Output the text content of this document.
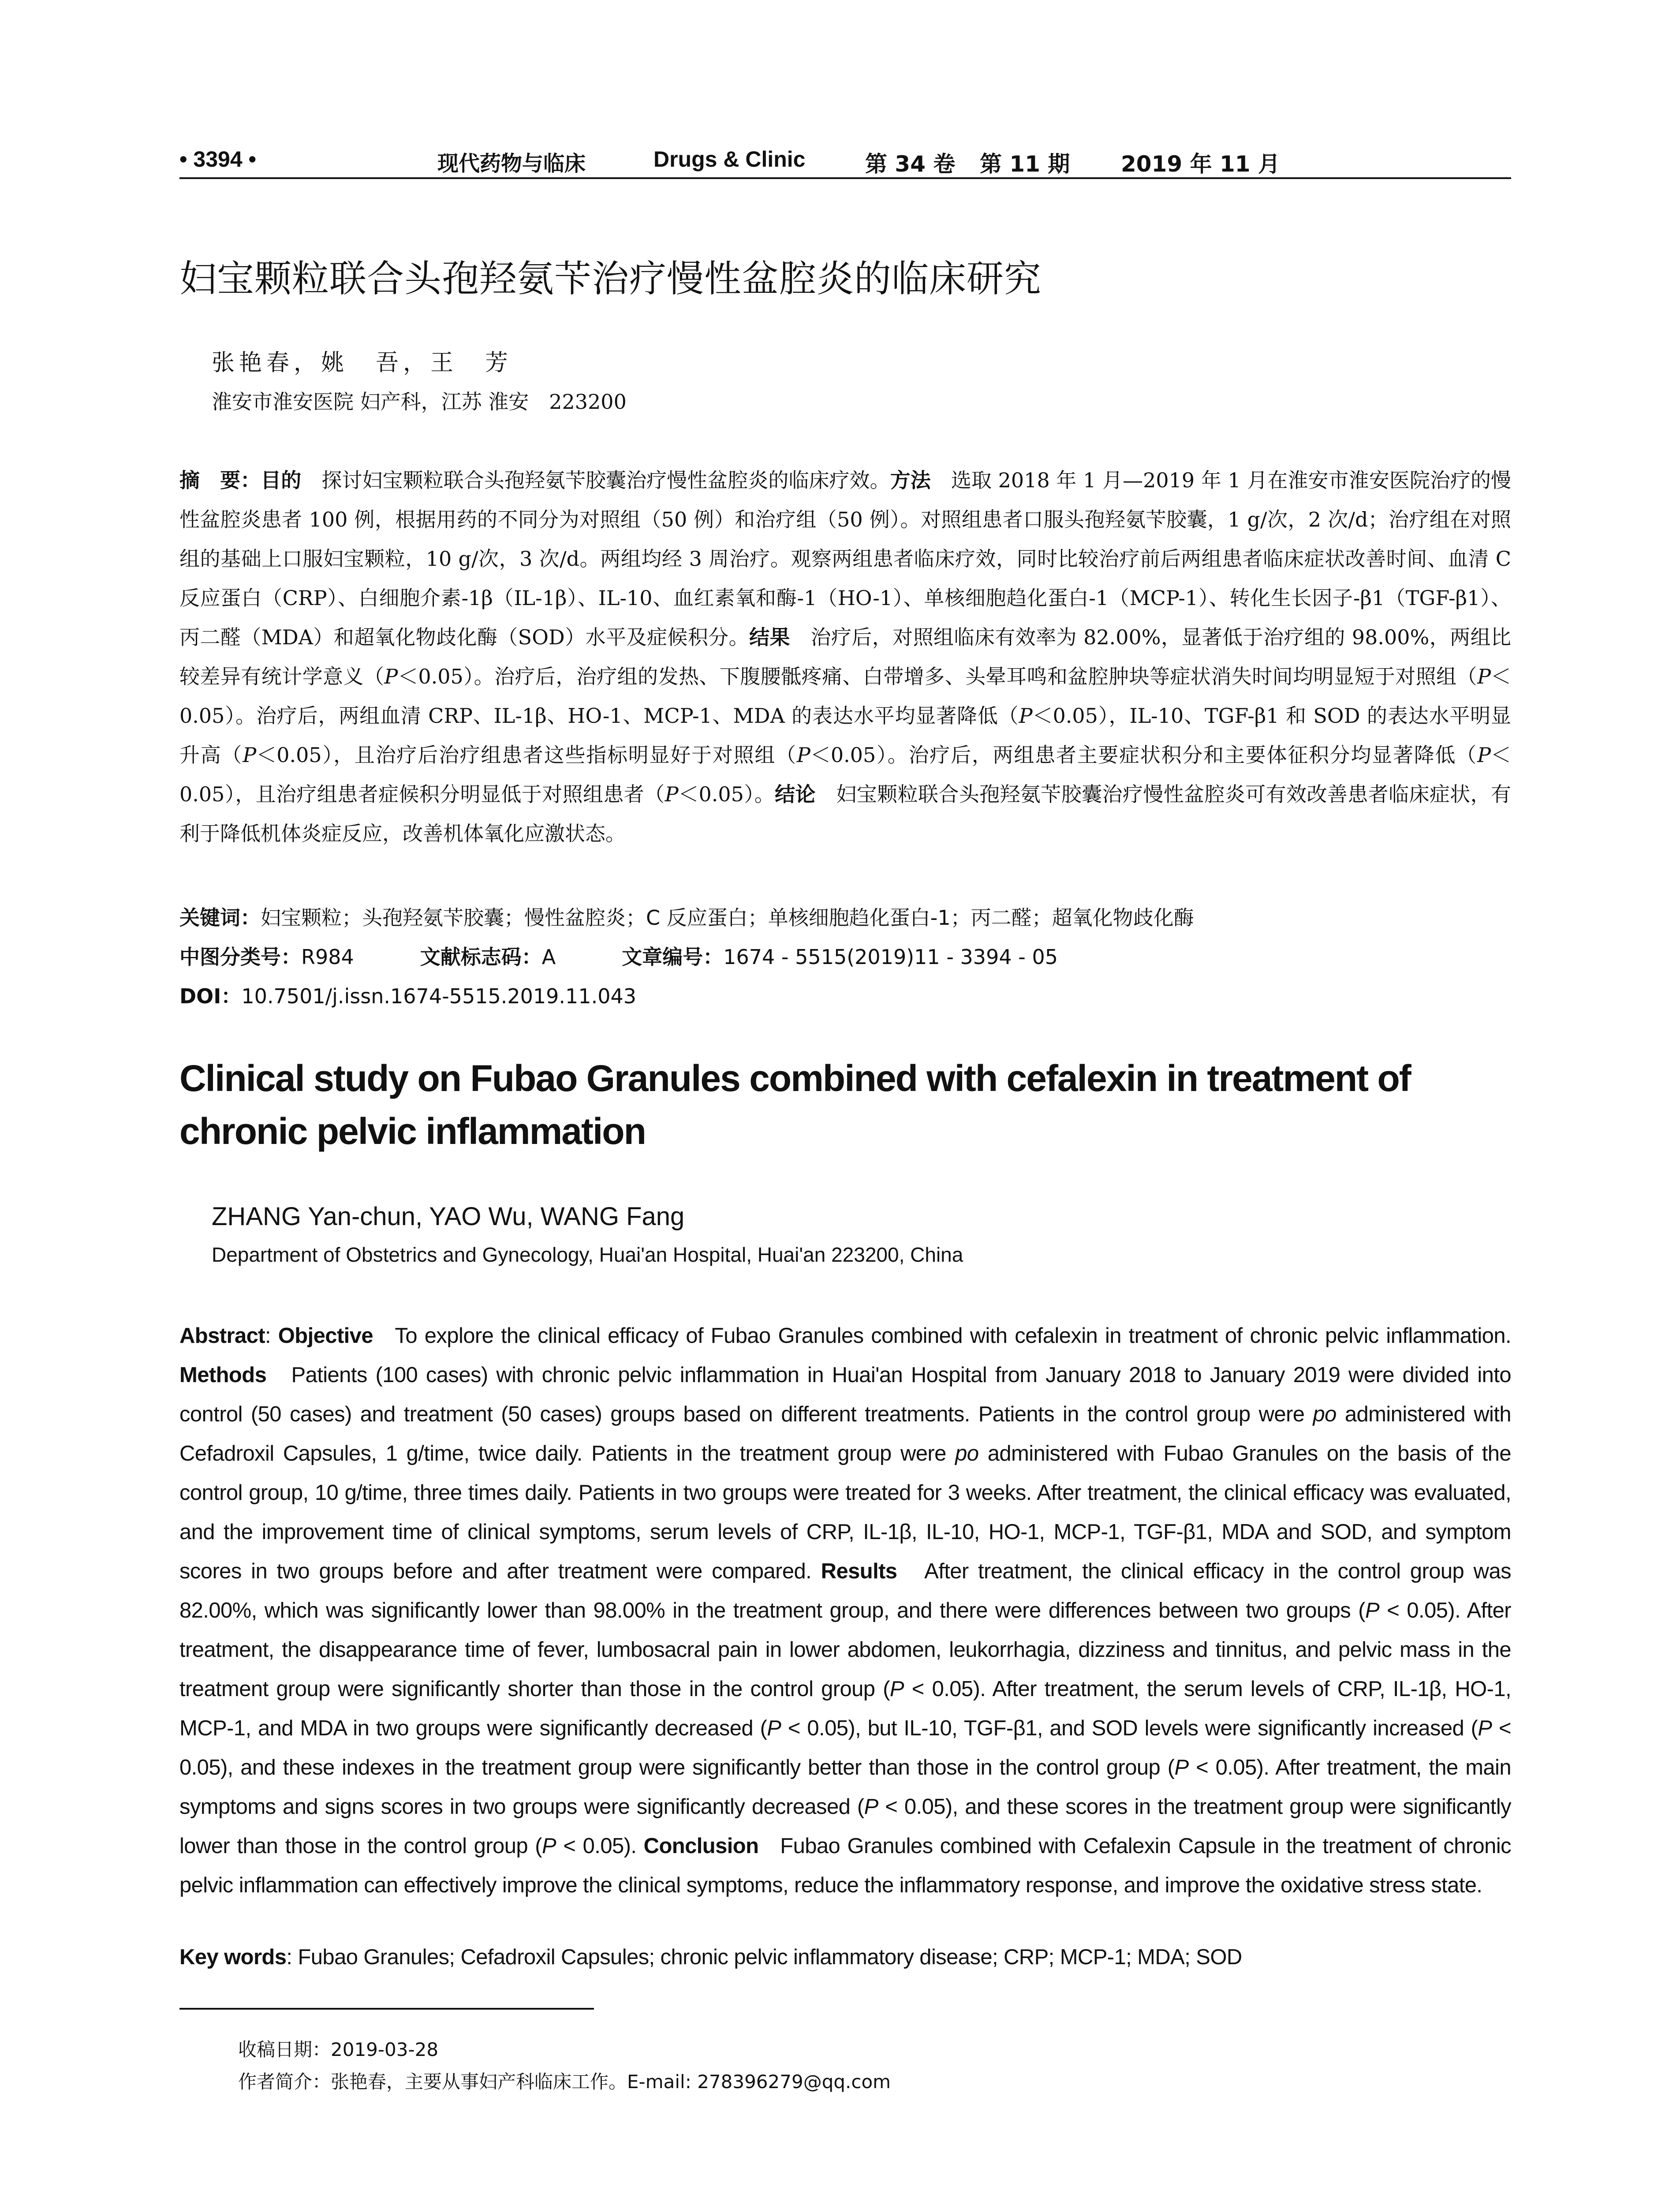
• 3394 •	现代药物与临床	Drugs & Clinic	第 34 卷 第 11 期 2019 年 11 月
妇宝颗粒联合头孢羟氨苄治疗慢性盆腔炎的临床研究
张艳春，姚　吾，王　芳
淮安市淮安医院 妇产科，江苏 淮安　223200
摘　要：目的　 探讨妇宝颗粒联合头孢羟氨苄胶囊治疗慢性盆腔炎的临床疗效。方法　 选取 2018 年 1 月—2019 年 1 月在淮安市淮安医院治疗的慢性盆腔炎患者 100 例，根据用药的不同分为对照组（50 例）和治疗组（50 例）。对照组患者口服头孢羟氨苄胶囊，1 g/次，2 次/d；治疗组在对照组的基础上口服妇宝颗粒，10 g/次，3 次/d。两组均经 3 周治疗。观察两组患者临床疗效，同时比较治疗前后两组患者临床症状改善时间、血清 C 反应蛋白（CRP）、白细胞介素-1β（IL-1β）、IL-10、血红素氧和酶-1（HO-1）、单核细胞趋化蛋白-1（MCP-1）、转化生长因子-β1（TGF-β1）、丙二醛（MDA）和超氧化物歧化酶（SOD）水平及症候积分。结果　 治疗后，对照组临床有效率为 82.00%，显著低于治疗组的 98.00%，两组比较差异有统计学意义（P＜0.05）。治疗后，治疗组的发热、下腹腰骶疼痛、白带增多、头晕耳鸣和盆腔肿块等症状消失时间均明显短于对照组（P＜0.05）。治疗后，两组血清 CRP、IL-1β、HO-1、MCP-1、MDA 的表达水平均显著降低（P＜0.05），IL-10、TGF-β1 和 SOD 的表达水平明显升高（P＜0.05），且治疗后治疗组患者这些指标明显好于对照组（P＜0.05）。治疗后，两组患者主要症状积分和主要体征积分均显著降低（P＜0.05），且治疗组患者症候积分明显低于对照组患者（P＜0.05）。结论　 妇宝颗粒联合头孢羟氨苄胶囊治疗慢性盆腔炎可有效改善患者临床症状，有利于降低机体炎症反应，改善机体氧化应激状态。
关键词：妇宝颗粒；头孢羟氨苄胶囊；慢性盆腔炎；C 反应蛋白；单核细胞趋化蛋白-1；丙二醛；超氧化物歧化酶
中图分类号：R984	文献标志码：A	文章编号：1674 - 5515(2019)11 - 3394 - 05
DOI：10.7501/j.issn.1674-5515.2019.11.043
Clinical study on Fubao Granules combined with cefalexin in treatment of chronic pelvic inflammation
ZHANG Yan-chun, YAO Wu, WANG Fang
Department of Obstetrics and Gynecology, Huai'an Hospital, Huai'an 223200, China
Abstract: Objective To explore the clinical efficacy of Fubao Granules combined with cefalexin in treatment of chronic pelvic inflammation. Methods Patients (100 cases) with chronic pelvic inflammation in Huai'an Hospital from January 2018 to January 2019 were divided into control (50 cases) and treatment (50 cases) groups based on different treatments. Patients in the control group were po administered with Cefadroxil Capsules, 1 g/time, twice daily. Patients in the treatment group were po administered with Fubao Granules on the basis of the control group, 10 g/time, three times daily. Patients in two groups were treated for 3 weeks. After treatment, the clinical efficacy was evaluated, and the improvement time of clinical symptoms, serum levels of CRP, IL-1β, IL-10, HO-1, MCP-1, TGF-β1, MDA and SOD, and symptom scores in two groups before and after treatment were compared. Results After treatment, the clinical efficacy in the control group was 82.00%, which was significantly lower than 98.00% in the treatment group, and there were differences between two groups (P < 0.05). After treatment, the disappearance time of fever, lumbosacral pain in lower abdomen, leukorrhagia, dizziness and tinnitus, and pelvic mass in the treatment group were significantly shorter than those in the control group (P < 0.05). After treatment, the serum levels of CRP, IL-1β, HO-1, MCP-1, and MDA in two groups were significantly decreased (P < 0.05), but IL-10, TGF-β1, and SOD levels were significantly increased (P < 0.05), and these indexes in the treatment group were significantly better than those in the control group (P < 0.05). After treatment, the main symptoms and signs scores in two groups were significantly decreased (P < 0.05), and these scores in the treatment group were significantly lower than those in the control group (P < 0.05). Conclusion Fubao Granules combined with Cefalexin Capsule in the treatment of chronic pelvic inflammation can effectively improve the clinical symptoms, reduce the inflammatory response, and improve the oxidative stress state.
Key words: Fubao Granules; Cefadroxil Capsules; chronic pelvic inflammatory disease; CRP; MCP-1; MDA; SOD
收稿日期：2019-03-28
作者简介：张艳春，主要从事妇产科临床工作。E-mail: 278396279@qq.com
